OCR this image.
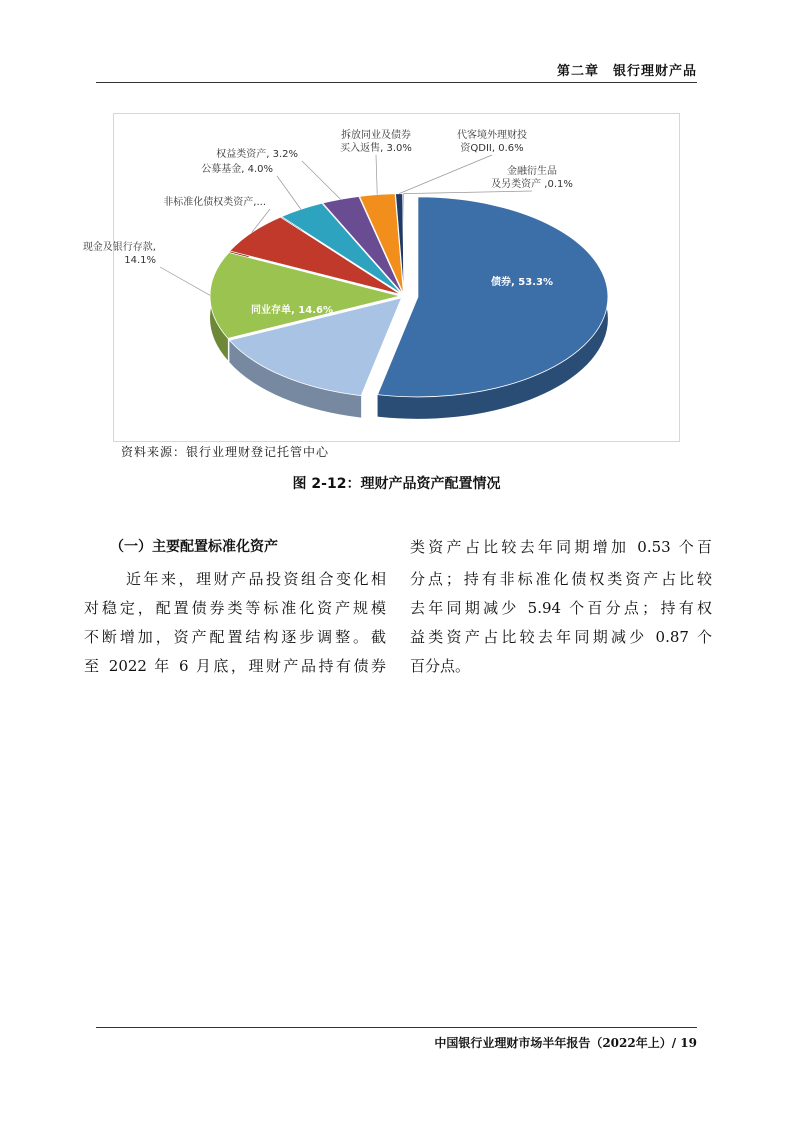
第二章　银行理财产品
债券, 53.3%
同业存单, 14.6%
现金及银行存款, 14.1%
非标准化债权类资产,...
公募基金, 4.0%
权益类资产, 3.2%
拆放同业及债券买入返售, 3.0%
代客境外理财投资QDII, 0.6%
金融衍生品及另类资产 ,0.1%
资料来源：银行业理财登记托管中心
图 2-12：理财产品资产配置情况
（一）主要配置标准化资产
近年来，理财产品投资组合变化相
对稳定，配置债券类等标准化资产规模
不断增加，资产配置结构逐步调整。截
至 2022 年 6 月底，理财产品持有债券
类资产占比较去年同期增加 0.53 个百
分点；持有非标准化债权类资产占比较
去年同期减少 5.94 个百分点；持有权
益类资产占比较去年同期减少 0.87 个
百分点。
中国银行业理财市场半年报告（2022年上）/ 19
